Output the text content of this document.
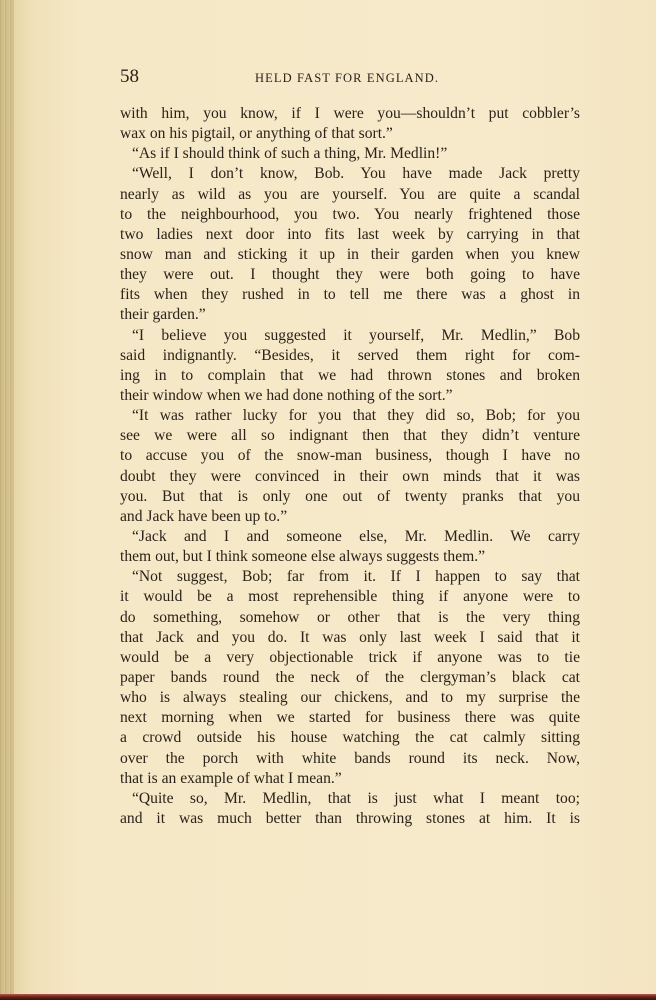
58	HELD FAST FOR ENGLAND.
with him, you know, if I were you—shouldn’t put cobbler’s
wax on his pigtail, or anything of that sort.”
“As if I should think of such a thing, Mr. Medlin!”
“Well, I don’t know, Bob. You have made Jack pretty
nearly as wild as you are yourself. You are quite a scandal
to the neighbourhood, you two. You nearly frightened those
two ladies next door into fits last week by carrying in that
snow man and sticking it up in their garden when you knew
they were out. I thought they were both going to have
fits when they rushed in to tell me there was a ghost in
their garden.”
“I believe you suggested it yourself, Mr. Medlin,” Bob
said indignantly. “Besides, it served them right for com-
ing in to complain that we had thrown stones and broken
their window when we had done nothing of the sort.”
“It was rather lucky for you that they did so, Bob; for you
see we were all so indignant then that they didn’t venture
to accuse you of the snow-man business, though I have no
doubt they were convinced in their own minds that it was
you. But that is only one out of twenty pranks that you
and Jack have been up to.”
“Jack and I and someone else, Mr. Medlin. We carry
them out, but I think someone else always suggests them.”
“Not suggest, Bob; far from it. If I happen to say that
it would be a most reprehensible thing if anyone were to
do something, somehow or other that is the very thing
that Jack and you do. It was only last week I said that it
would be a very objectionable trick if anyone was to tie
paper bands round the neck of the clergyman’s black cat
who is always stealing our chickens, and to my surprise the
next morning when we started for business there was quite
a crowd outside his house watching the cat calmly sitting
over the porch with white bands round its neck. Now,
that is an example of what I mean.”
“Quite so, Mr. Medlin, that is just what I meant too;
and it was much better than throwing stones at him. It is
